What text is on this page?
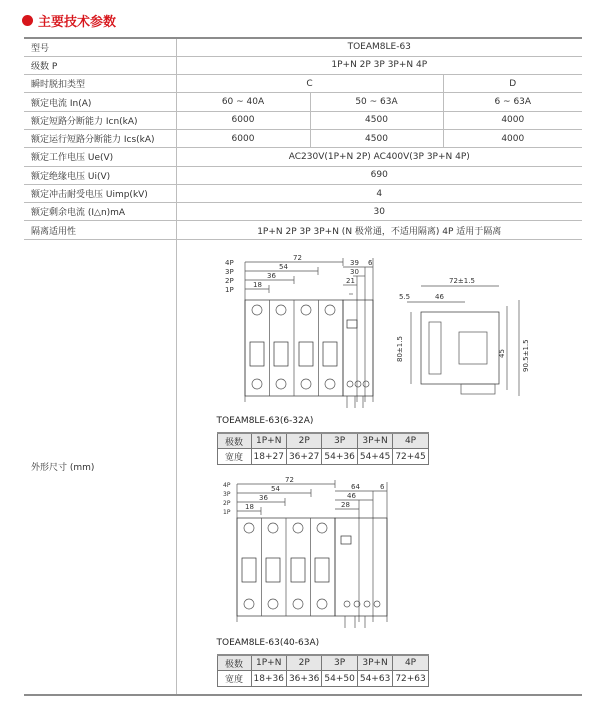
主要技术参数
型号	TOEAM8LE-63
级数 P	1P+N 2P 3P 3P+N 4P
瞬时脱扣类型	C	D
额定电流 In(A)	60 ~ 40A	50 ~ 63A	6 ~ 63A
额定短路分断能力 Icn(kA)	6000	4500	4000
额定运行短路分断能力 Ics(kA)	6000	4500	4000
额定工作电压 Ue(V)	AC230V(1P+N 2P) AC400V(3P 3P+N 4P)
额定绝缘电压 Ui(V)	690
额定冲击耐受电压 Uimp(kV)	4
额定剩余电流 (I△n)mA	30
隔离适用性	1P+N 2P 3P 3P+N (N 极常通，不适用隔离) 4P 适用于隔离
外形尺寸 (mm)	
4P
3P
2P
1P
72
54
36
18
39
30
21
6
72±1.5
5.5	46
80±1.5	45 90.5±1.5
TOEAM8LE-63(6-32A)
极数	1P+N	2P	3P	3P+N	4P
宽度	18+27	36+27	54+36	54+45	72+45
4P
3P
2P
1P
72
54
36
18
64
46
28
6
TOEAM8LE-63(40-63A)
极数	1P+N	2P	3P	3P+N	4P
宽度	18+36	36+36	54+50	54+63	72+63
